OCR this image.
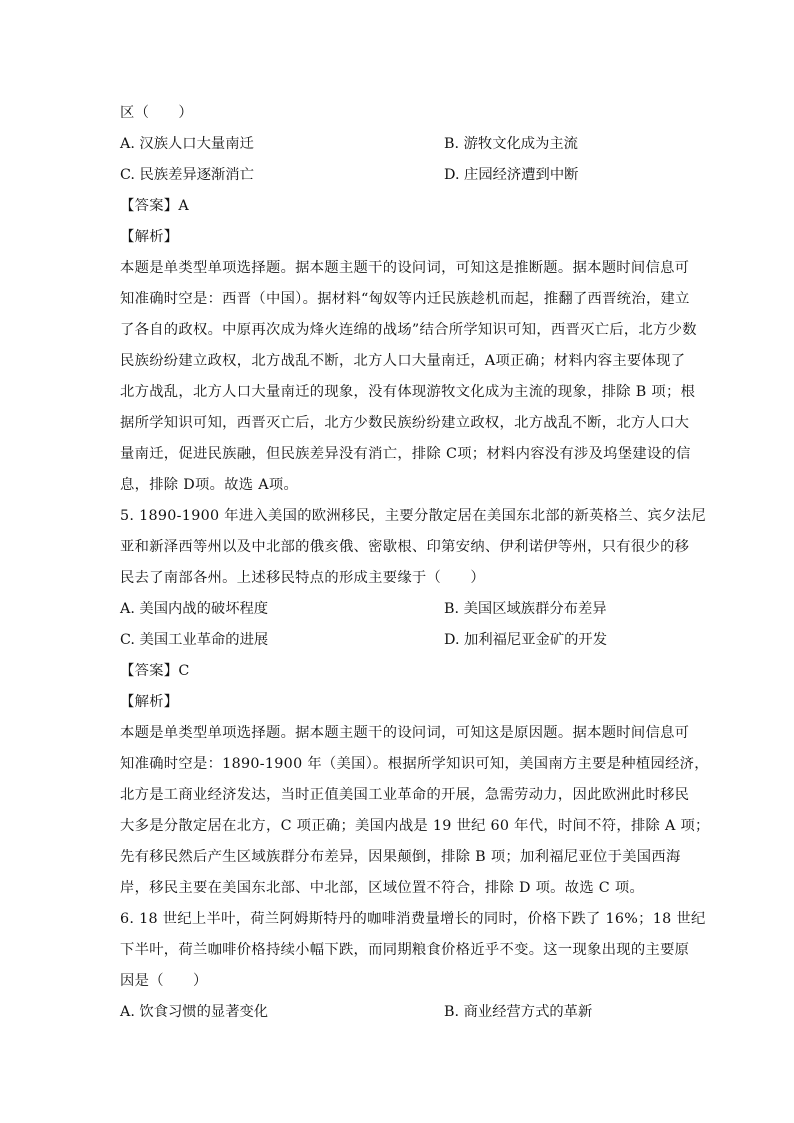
区（　　）
A. 汉族人口大量南迁	B. 游牧文化成为主流
C. 民族差异逐渐消亡	D. 庄园经济遭到中断
【答案】A
【解析】
本题是单类型单项选择题。据本题主题干的设问词，可知这是推断题。据本题时间信息可
知准确时空是：西晋（中国）。据材料“匈奴等内迁民族趁机而起，推翻了西晋统治，建立
了各自的政权。中原再次成为烽火连绵的战场”结合所学知识可知，西晋灭亡后，北方少数
民族纷纷建立政权，北方战乱不断，北方人口大量南迁，A项正确；材料内容主要体现了
北方战乱，北方人口大量南迁的现象，没有体现游牧文化成为主流的现象，排除 B 项；根
据所学知识可知，西晋灭亡后，北方少数民族纷纷建立政权，北方战乱不断，北方人口大
量南迁，促进民族融，但民族差异没有消亡，排除 C项；材料内容没有涉及坞堡建设的信
息，排除 D项。故选 A项。
5. 1890-1900 年进入美国的欧洲移民，主要分散定居在美国东北部的新英格兰、宾夕法尼
亚和新泽西等州以及中北部的俄亥俄、密歇根、印第安纳、伊利诺伊等州，只有很少的移
民去了南部各州。上述移民特点的形成主要缘于（　　）
A. 美国内战的破坏程度	B. 美国区域族群分布差异
C. 美国工业革命的进展	D. 加利福尼亚金矿的开发
【答案】C
【解析】
本题是单类型单项选择题。据本题主题干的设问词，可知这是原因题。据本题时间信息可
知准确时空是：1890-1900 年（美国）。根据所学知识可知，美国南方主要是种植园经济，
北方是工商业经济发达，当时正值美国工业革命的开展，急需劳动力，因此欧洲此时移民
大多是分散定居在北方，C 项正确；美国内战是 19 世纪 60 年代，时间不符，排除 A 项；
先有移民然后产生区域族群分布差异，因果颠倒，排除 B 项；加利福尼亚位于美国西海
岸，移民主要在美国东北部、中北部，区域位置不符合，排除 D 项。故选 C 项。
6. 18 世纪上半叶，荷兰阿姆斯特丹的咖啡消费量增长的同时，价格下跌了 16%；18 世纪
下半叶，荷兰咖啡价格持续小幅下跌，而同期粮食价格近乎不变。这一现象出现的主要原
因是（　　）
A. 饮食习惯的显著变化	B. 商业经营方式的革新
